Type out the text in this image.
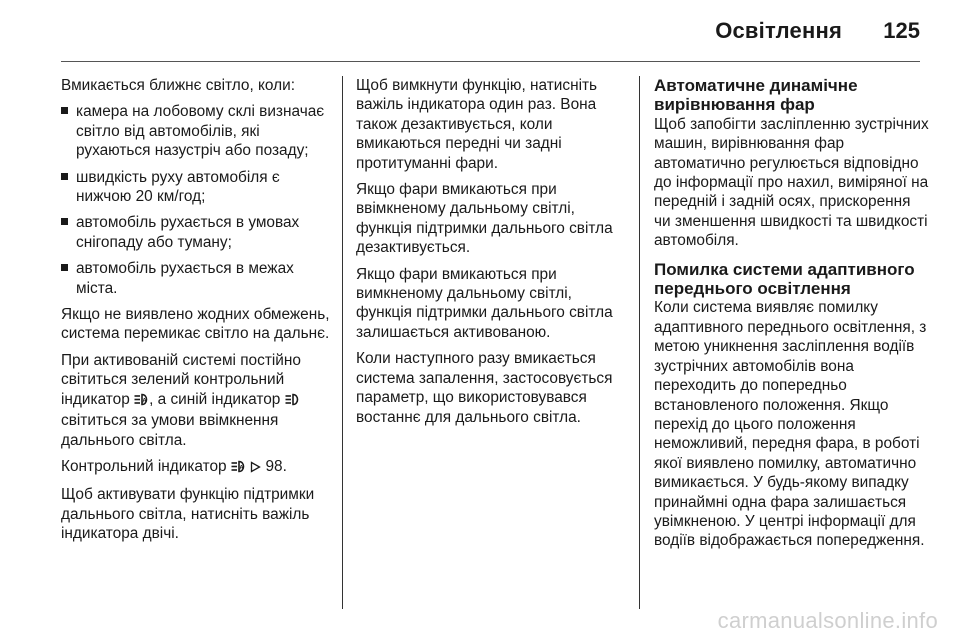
Освітлення 125

Вмикається ближнє світло, коли:

камера на лобовому склі визначає світло від автомобілів, які рухаються назустріч або позаду;
швидкість руху автомобіля є нижчою 20 км/год;
автомобіль рухається в умовах снігопаду або туману;
автомобіль рухається в межах міста.

Якщо не виявлено жодних обмежень, система перемикає світло на дальнє.

При активованій системі постійно світиться зелений контрольний індикатор A , а синій індикатор  світиться за умови ввімкнення дальнього світла.

Контрольний індикатор A 98.

Щоб активувати функцію підтримки дальнього світла, натисніть важіль індикатора двічі.

Щоб вимкнути функцію, натисніть важіль індикатора один раз. Вона також дезактивується, коли вмикаються передні чи задні протитуманні фари.

Якщо фари вмикаються при ввімкненому дальньому світлі, функція підтримки дальнього світла дезактивується.

Якщо фари вмикаються при вимкненому дальньому світлі, функція підтримки дальнього світла залишається активованою.

Коли наступного разу вмикається система запалення, застосовується параметр, що використовувався востаннє для дальнього світла.

Автоматичне динамічне вирівнювання фар

Щоб запобігти засліпленню зустрічних машин, вирівнювання фар автоматично регулюється відповідно до інформації про нахил, виміряної на передній і задній осях, прискорення чи зменшення швидкості та швидкості автомобіля.

Помилка системи адаптивного переднього освітлення

Коли система виявляє помилку адаптивного переднього освітлення, з метою уникнення засліплення водіїв зустрічних автомобілів вона переходить до попередньо встановленого положення. Якщо перехід до цього положення неможливий, передня фара, в роботі якої виявлено помилку, автоматично вимикається. У будь-якому випадку принаймні одна фара залишається увімкненою. У центрі інформації для водіїв відображається попередження.

carmanualsonline.info
